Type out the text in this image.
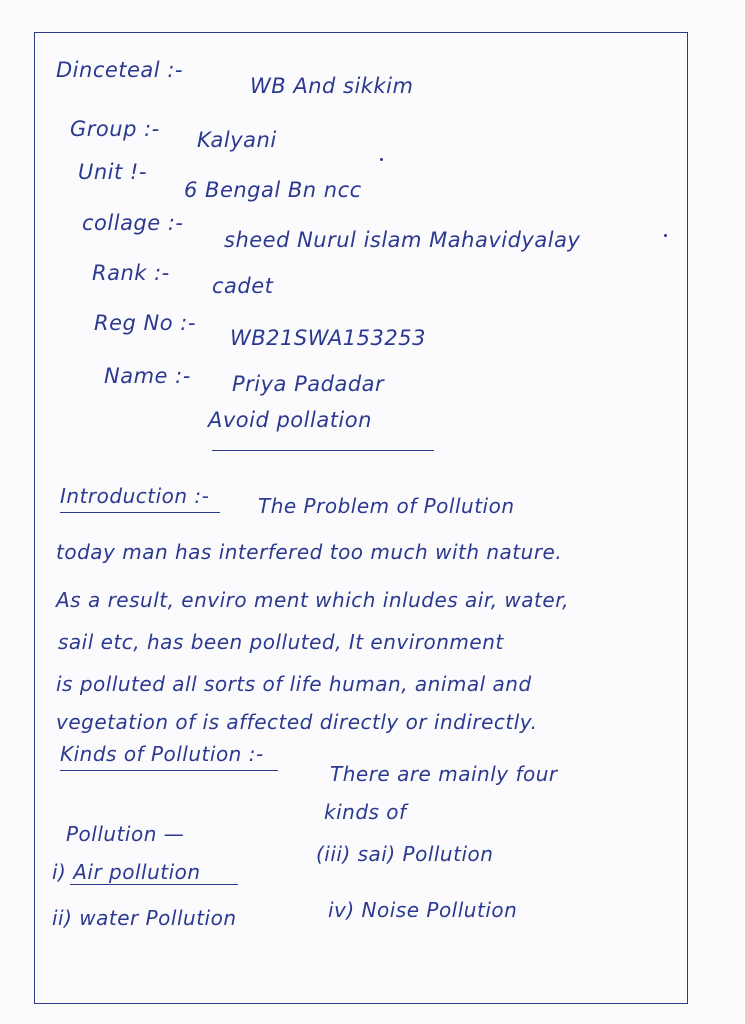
Dinceteal :-
WB And sikkim
Group :- Kalyani
Unit !-
6 Bengal Bn ncc
collage :-
sheed Nurul islam Mahavidyalay
Rank :-
cadet
Reg No :-
WB21SWA153253
Name :- Priya Padadar
Avoid pollation
Introduction :- The Problem of Pollution
today man has interfered too much with nature.
As a result, enviro ment which inludes air, water,
sail etc, has been polluted, It environment
is polluted all sorts of life human, animal and
vegetation of is affected directly or indirectly.
Kinds of Pollution :-
There are mainly four
kinds of
Pollution —
i) Air pollution
ii) water Pollution
(iii) sai) Pollution
iv) Noise Pollution
